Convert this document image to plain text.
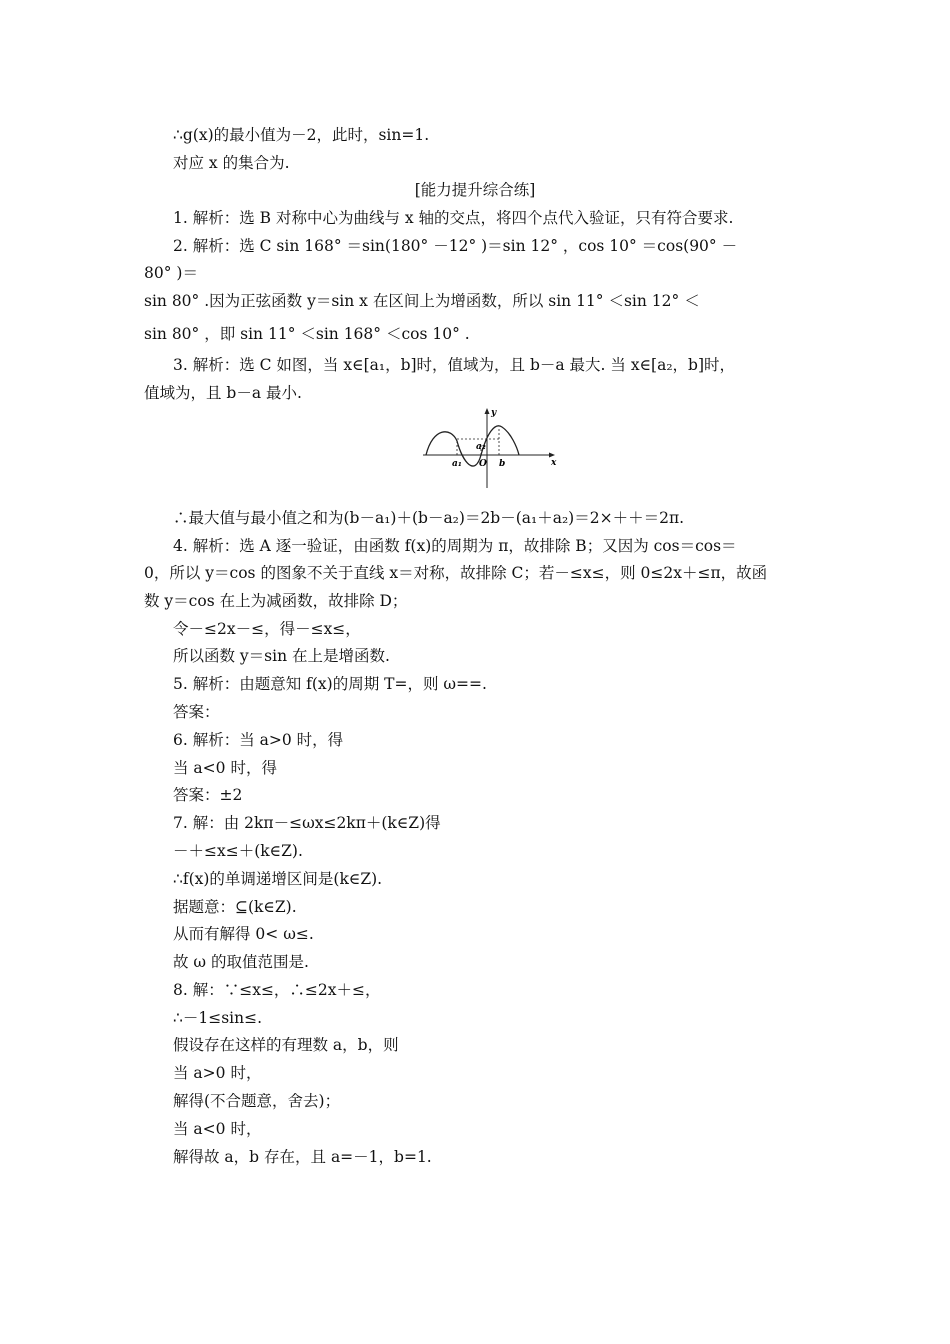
∴g(x)的最小值为－2，此时，sin=1.
对应 x 的集合为.
[能力提升综合练]
1. 解析：选 B 对称中心为曲线与 x 轴的交点，将四个点代入验证，只有符合要求.
2. 解析：选 C sin 168° ＝sin(180° －12° )＝sin 12° ，cos 10° ＝cos(90° －
80° )＝
sin 80° .因为正弦函数 y＝sin x 在区间上为增函数，所以 sin 11° ＜sin 12° ＜
sin 80° ，即 sin 11° ＜sin 168° ＜cos 10° .
3. 解析：选 C 如图，当 x∈[a₁，b]时，值域为，且 b－a 最大. 当 x∈[a₂，b]时，
值域为，且 b－a 最小.
y
x
a₁
a₂
O b
∴最大值与最小值之和为(b－a₁)＋(b－a₂)＝2b－(a₁＋a₂)＝2×＋＋＝2π.
4. 解析：选 A 逐一验证，由函数 f(x)的周期为 π，故排除 B；又因为 cos＝cos＝
0，所以 y＝cos 的图象不关于直线 x＝对称，故排除 C；若－≤x≤，则 0≤2x＋≤π，故函
数 y＝cos 在上为减函数，故排除 D；
令－≤2x－≤，得－≤x≤，
所以函数 y＝sin 在上是增函数.
5. 解析：由题意知 f(x)的周期 T=，则 ω==.
答案：
6. 解析：当 a>0 时，得
当 a<0 时，得
答案：±2
7. 解：由 2kπ－≤ωx≤2kπ＋(k∈Z)得
－＋≤x≤＋(k∈Z).
∴f(x)的单调递增区间是(k∈Z).
据题意：⊆(k∈Z).
从而有解得 0< ω≤.
故 ω 的取值范围是.
8. 解：∵≤x≤，∴≤2x＋≤，
∴－1≤sin≤.
假设存在这样的有理数 a，b，则
当 a>0 时，
解得(不合题意，舍去)；
当 a<0 时，
解得故 a，b 存在，且 a=－1，b=1.
